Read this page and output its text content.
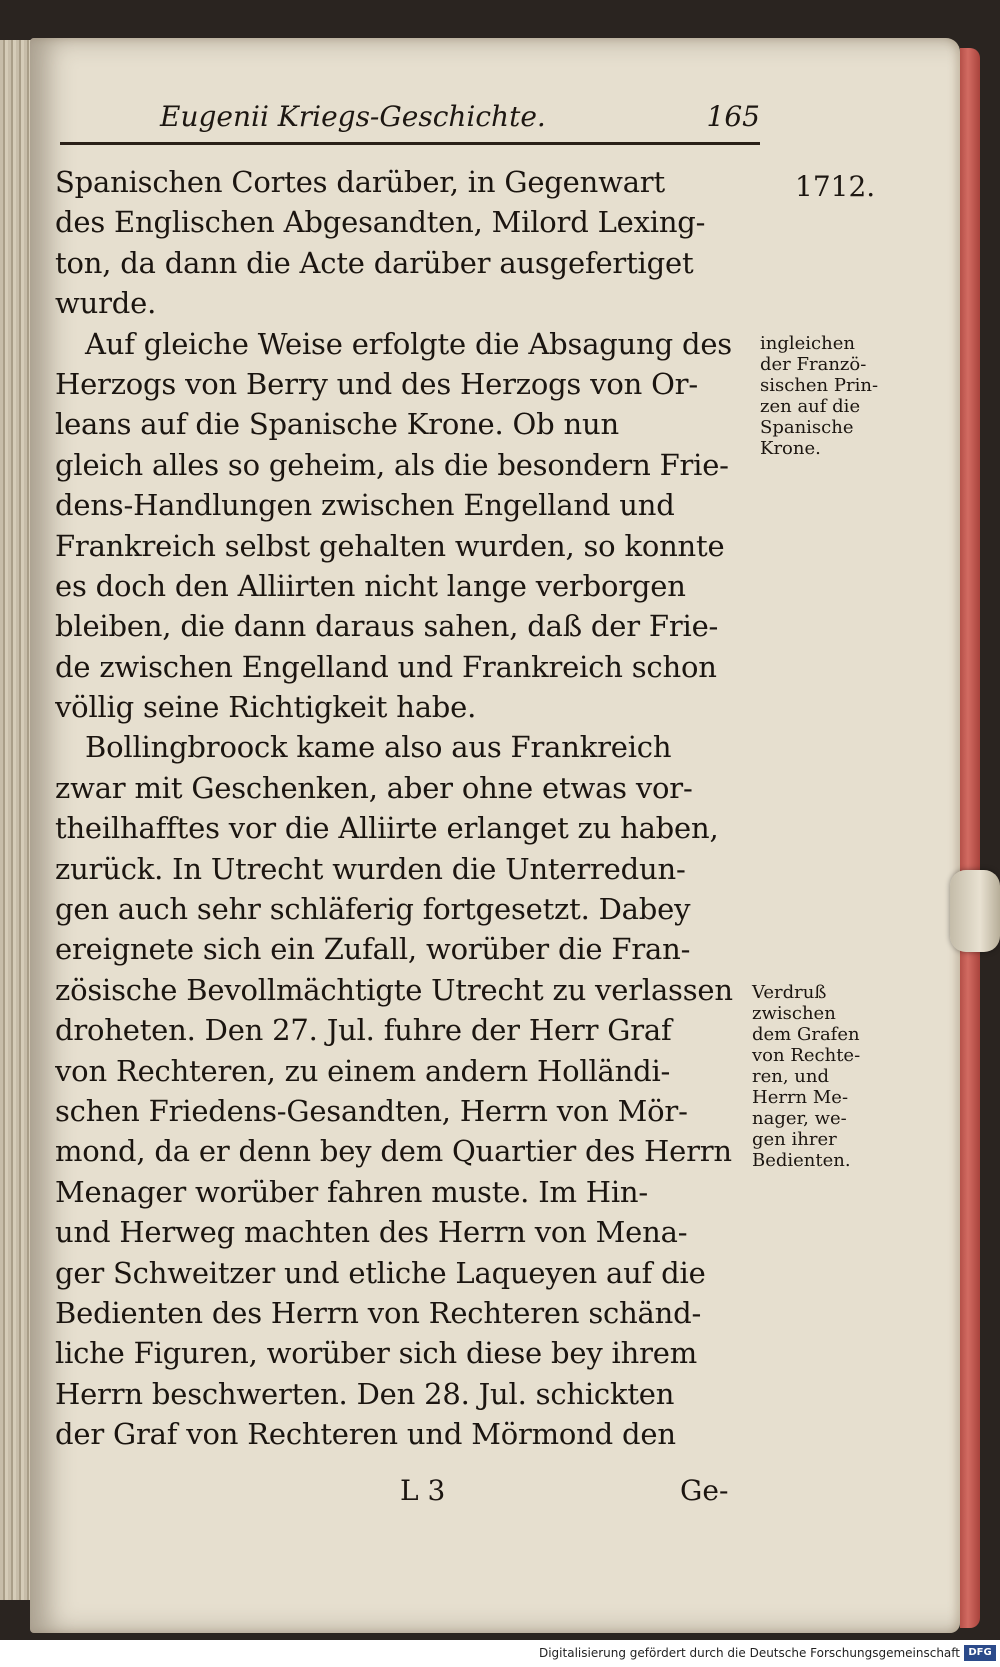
Eugenii Kriegs-Geschichte.	165
1712.
Spanischen Cortes darüber, in Gegenwart
des Englischen Abgesandten, Milord Lexing-
ton, da dann die Acte darüber ausgefertiget
wurde.
Auf gleiche Weise erfolgte die Absagung des
Herzogs von Berry und des Herzogs von Or-
leans auf die Spanische Krone. Ob nun
gleich alles so geheim, als die besondern Frie-
dens-Handlungen zwischen Engelland und
Frankreich selbst gehalten wurden, so konnte
es doch den Alliirten nicht lange verborgen
bleiben, die dann daraus sahen, daß der Frie-
de zwischen Engelland und Frankreich schon
völlig seine Richtigkeit habe.
Bollingbroock kame also aus Frankreich
zwar mit Geschenken, aber ohne etwas vor-
theilhafftes vor die Alliirte erlanget zu haben,
zurück. In Utrecht wurden die Unterredun-
gen auch sehr schläferig fortgesetzt. Dabey
ereignete sich ein Zufall, worüber die Fran-
zösische Bevollmächtigte Utrecht zu verlassen
droheten. Den 27. Jul. fuhre der Herr Graf
von Rechteren, zu einem andern Holländi-
schen Friedens-Gesandten, Herrn von Mör-
mond, da er denn bey dem Quartier des Herrn
Menager worüber fahren muste. Im Hin-
und Herweg machten des Herrn von Mena-
ger Schweitzer und etliche Laqueyen auf die
Bedienten des Herrn von Rechteren schänd-
liche Figuren, worüber sich diese bey ihrem
Herrn beschwerten. Den 28. Jul. schickten
der Graf von Rechteren und Mörmond den
ingleichen
der Franzö-
sischen Prin-
zen auf die
Spanische
Krone.
Verdruß
zwischen
dem Grafen
von Rechte-
ren, und
Herrn Me-
nager, we-
gen ihrer
Bedienten.
L 3	Ge-
Digitalisierung gefördert durch die Deutsche Forschungsgemeinschaft DFG
